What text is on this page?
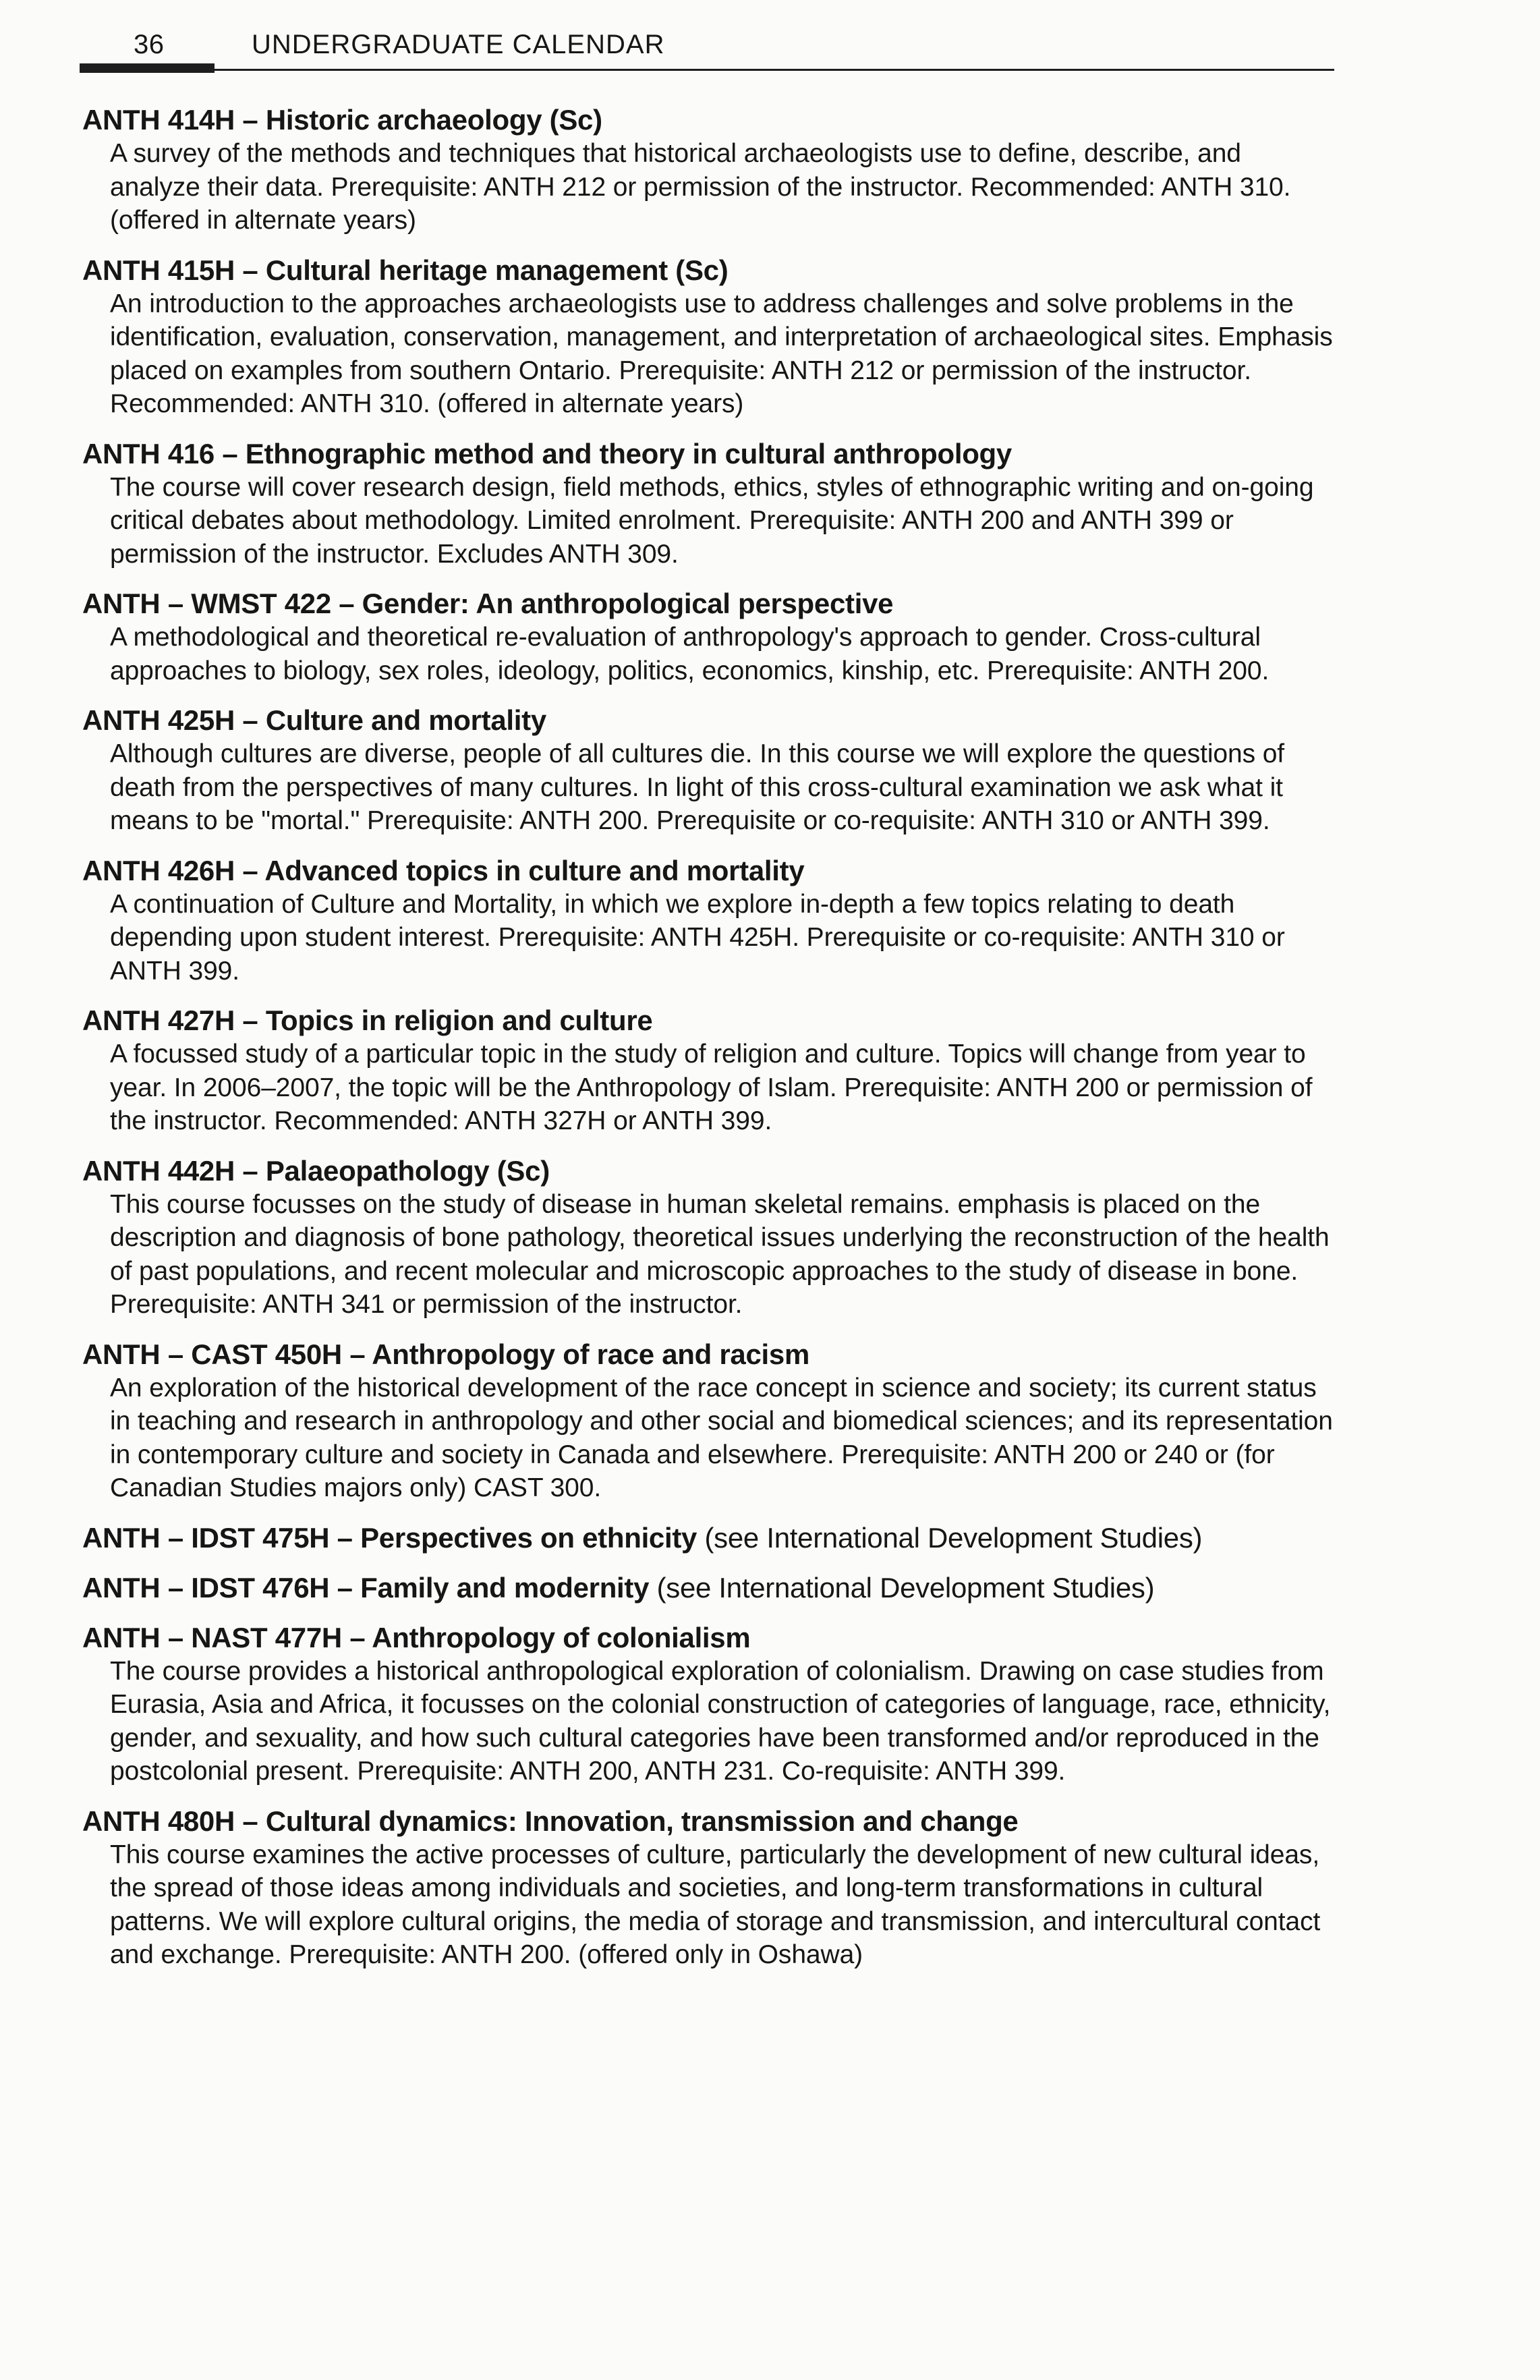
36	UNDERGRADUATE CALENDAR
ANTH 414H – Historic archaeology (Sc)
A survey of the methods and techniques that historical archaeologists use to define, describe, and analyze their data. Prerequisite: ANTH 212 or permission of the instructor. Recommended: ANTH 310. (offered in alternate years)
ANTH 415H – Cultural heritage management (Sc)
An introduction to the approaches archaeologists use to address challenges and solve problems in the identification, evaluation, conservation, management, and interpretation of archaeological sites. Emphasis placed on examples from southern Ontario. Prerequisite: ANTH 212 or permission of the instructor. Recommended: ANTH 310. (offered in alternate years)
ANTH 416 – Ethnographic method and theory in cultural anthropology
The course will cover research design, field methods, ethics, styles of ethnographic writing and on-going critical debates about methodology. Limited enrolment. Prerequisite: ANTH 200 and ANTH 399 or permission of the instructor. Excludes ANTH 309.
ANTH – WMST 422 – Gender: An anthropological perspective
A methodological and theoretical re-evaluation of anthropology's approach to gender. Cross-cultural approaches to biology, sex roles, ideology, politics, economics, kinship, etc. Prerequisite: ANTH 200.
ANTH 425H – Culture and mortality
Although cultures are diverse, people of all cultures die. In this course we will explore the questions of death from the perspectives of many cultures. In light of this cross-cultural examination we ask what it means to be "mortal." Prerequisite: ANTH 200. Prerequisite or co-requisite: ANTH 310 or ANTH 399.
ANTH 426H – Advanced topics in culture and mortality
A continuation of Culture and Mortality, in which we explore in-depth a few topics relating to death depending upon student interest. Prerequisite: ANTH 425H. Prerequisite or co-requisite: ANTH 310 or ANTH 399.
ANTH 427H – Topics in religion and culture
A focussed study of a particular topic in the study of religion and culture. Topics will change from year to year. In 2006–2007, the topic will be the Anthropology of Islam. Prerequisite: ANTH 200 or permission of the instructor. Recommended: ANTH 327H or ANTH 399.
ANTH 442H – Palaeopathology (Sc)
This course focusses on the study of disease in human skeletal remains. emphasis is placed on the description and diagnosis of bone pathology, theoretical issues underlying the reconstruction of the health of past populations, and recent molecular and microscopic approaches to the study of disease in bone. Prerequisite: ANTH 341 or permission of the instructor.
ANTH – CAST 450H – Anthropology of race and racism
An exploration of the historical development of the race concept in science and society; its current status in teaching and research in anthropology and other social and biomedical sciences; and its representation in contemporary culture and society in Canada and elsewhere. Prerequisite: ANTH 200 or 240 or (for Canadian Studies majors only) CAST 300.
ANTH – IDST 475H – Perspectives on ethnicity (see International Development Studies)
ANTH – IDST 476H – Family and modernity (see International Development Studies)
ANTH – NAST 477H – Anthropology of colonialism
The course provides a historical anthropological exploration of colonialism. Drawing on case studies from Eurasia, Asia and Africa, it focusses on the colonial construction of categories of language, race, ethnicity, gender, and sexuality, and how such cultural categories have been transformed and/or reproduced in the postcolonial present. Prerequisite: ANTH 200, ANTH 231. Co-requisite: ANTH 399.
ANTH 480H – Cultural dynamics: Innovation, transmission and change
This course examines the active processes of culture, particularly the development of new cultural ideas, the spread of those ideas among individuals and societies, and long-term transformations in cultural patterns. We will explore cultural origins, the media of storage and transmission, and intercultural contact and exchange. Prerequisite: ANTH 200. (offered only in Oshawa)
